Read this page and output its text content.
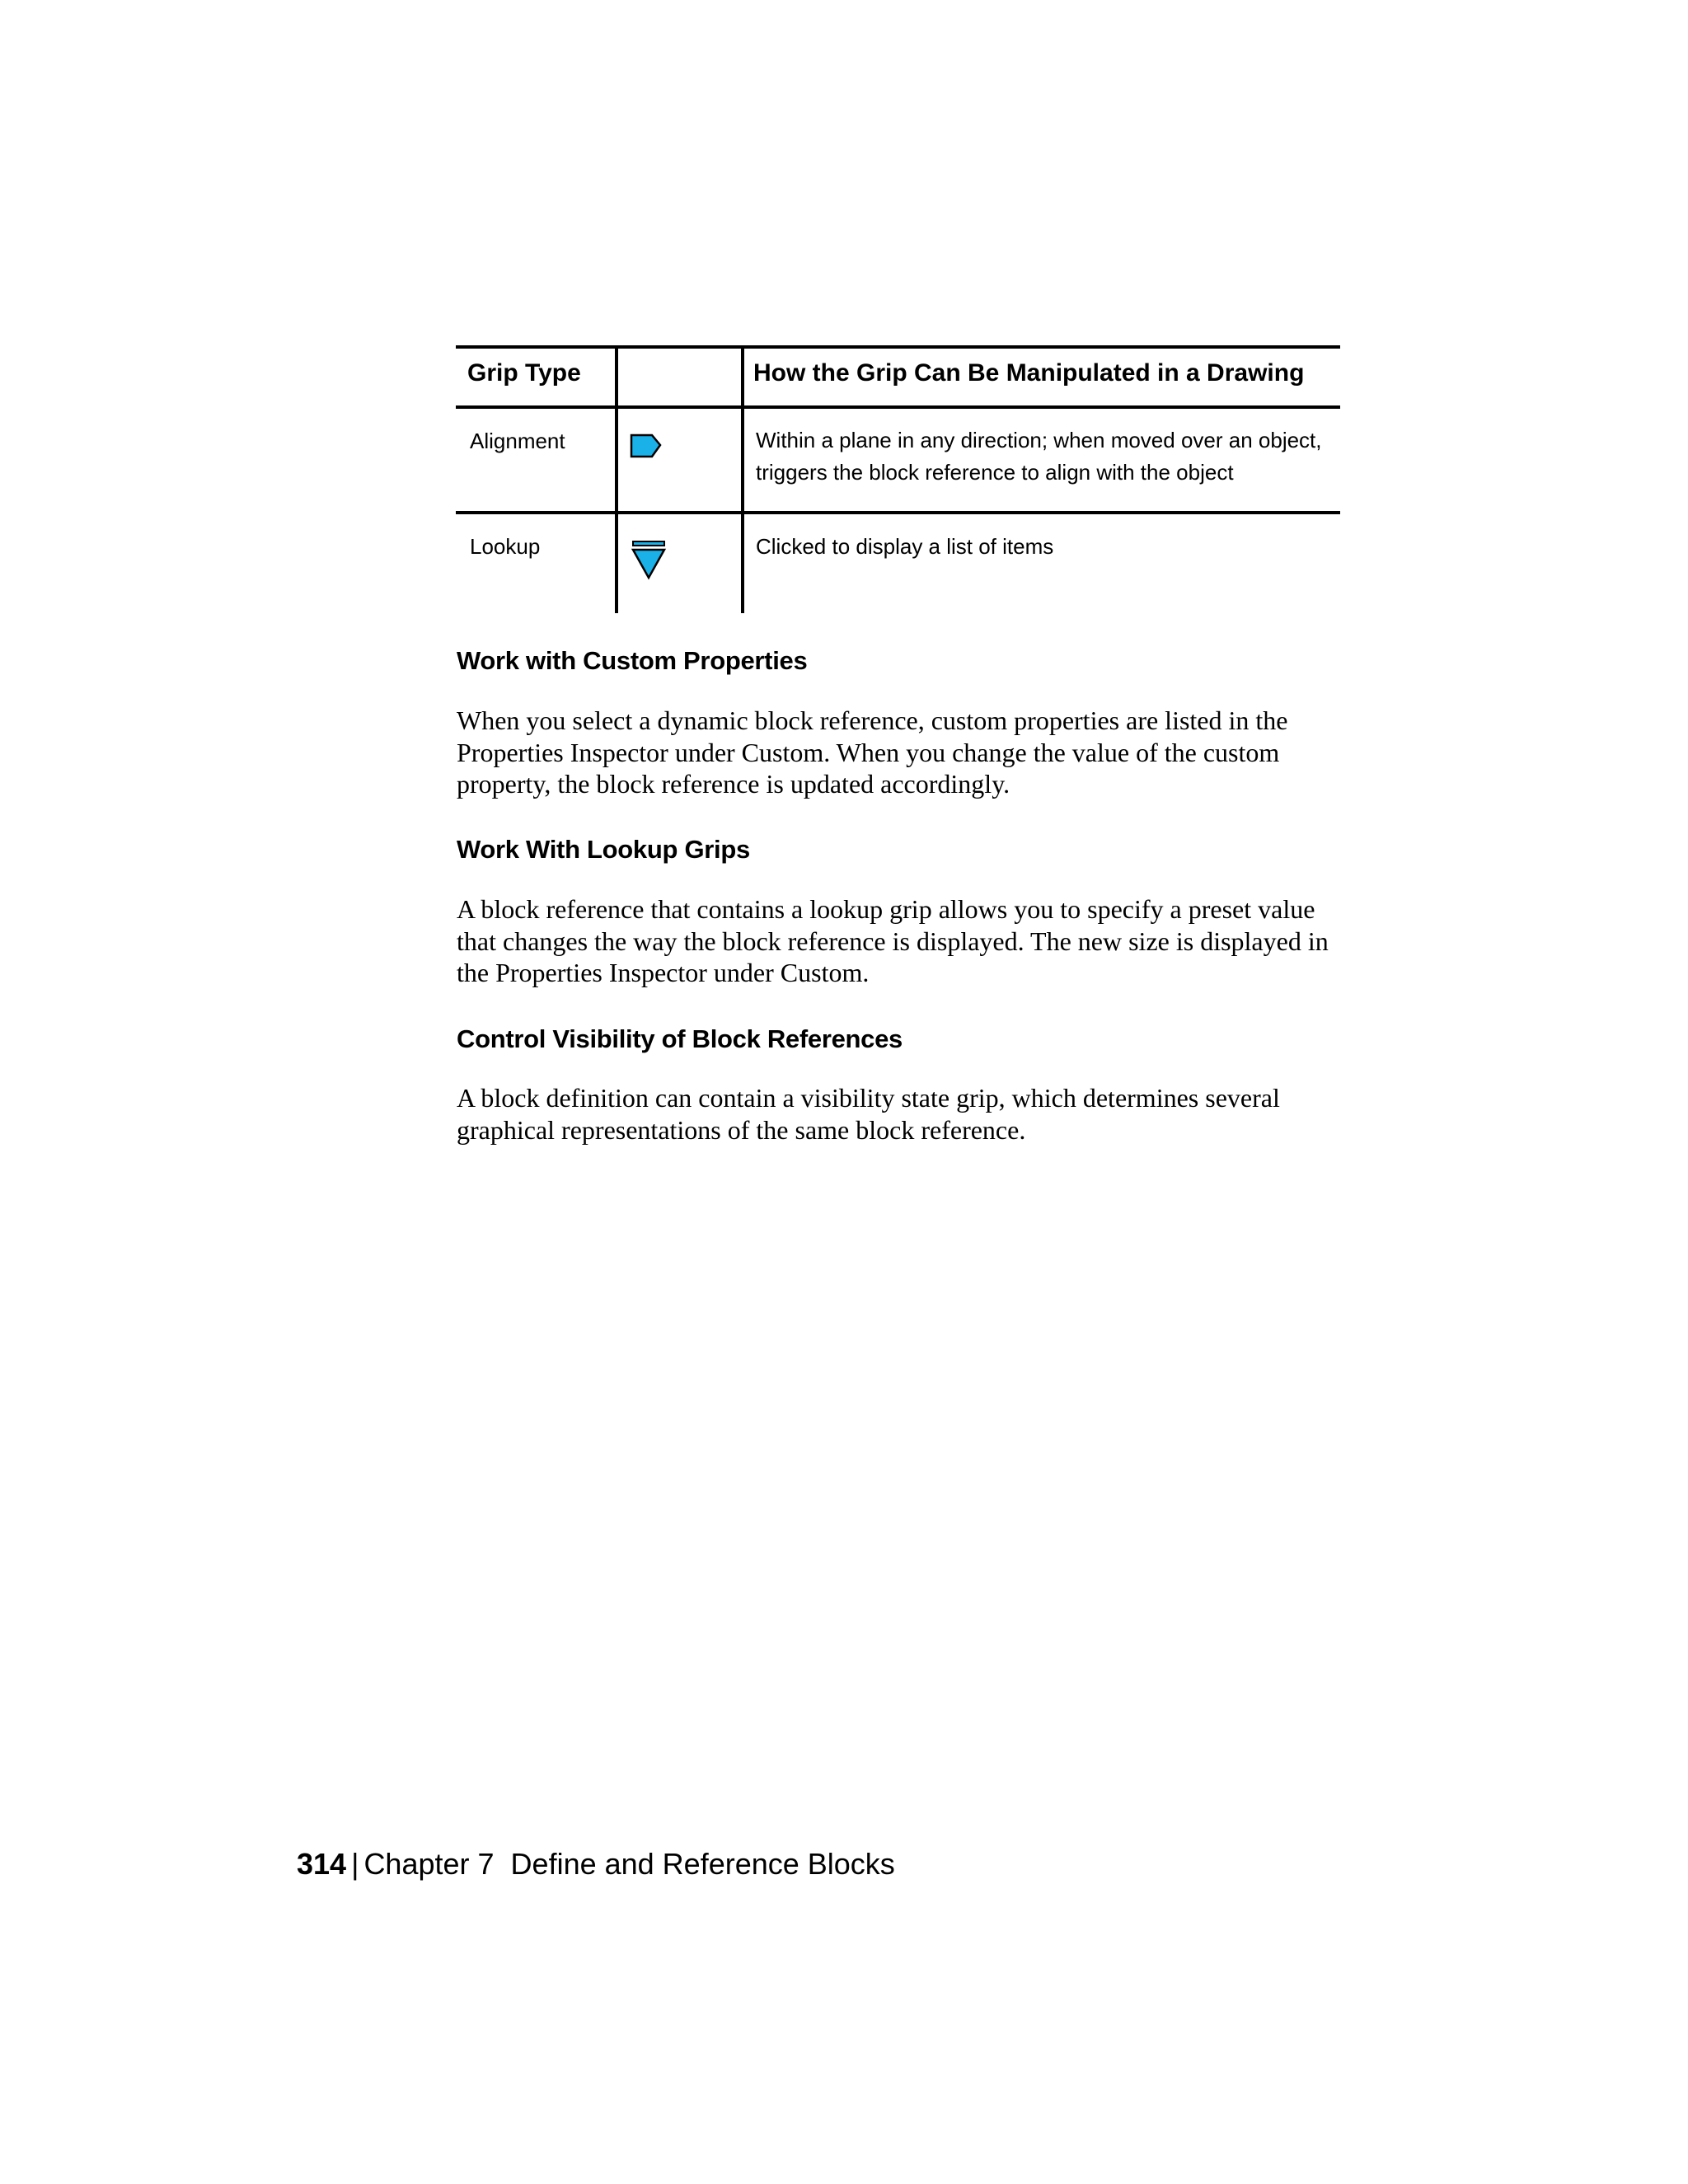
Grip Type	How the Grip Can Be Manipulated in a Drawing
Alignment	Within a plane in any direction; when moved over an object, triggers the block reference to align with the object
Lookup	Clicked to display a list of items
Work with Custom Properties

When you select a dynamic block reference, custom properties are listed in the Properties Inspector under Custom. When you change the value of the custom property, the block reference is updated accordingly.

Work With Lookup Grips

A block reference that contains a lookup grip allows you to specify a preset value that changes the way the block reference is displayed. The new size is displayed in the Properties Inspector under Custom.

Control Visibility of Block References

A block definition can contain a visibility state grip, which determines several graphical representations of the same block reference.

314 | Chapter 7 Define and Reference Blocks
